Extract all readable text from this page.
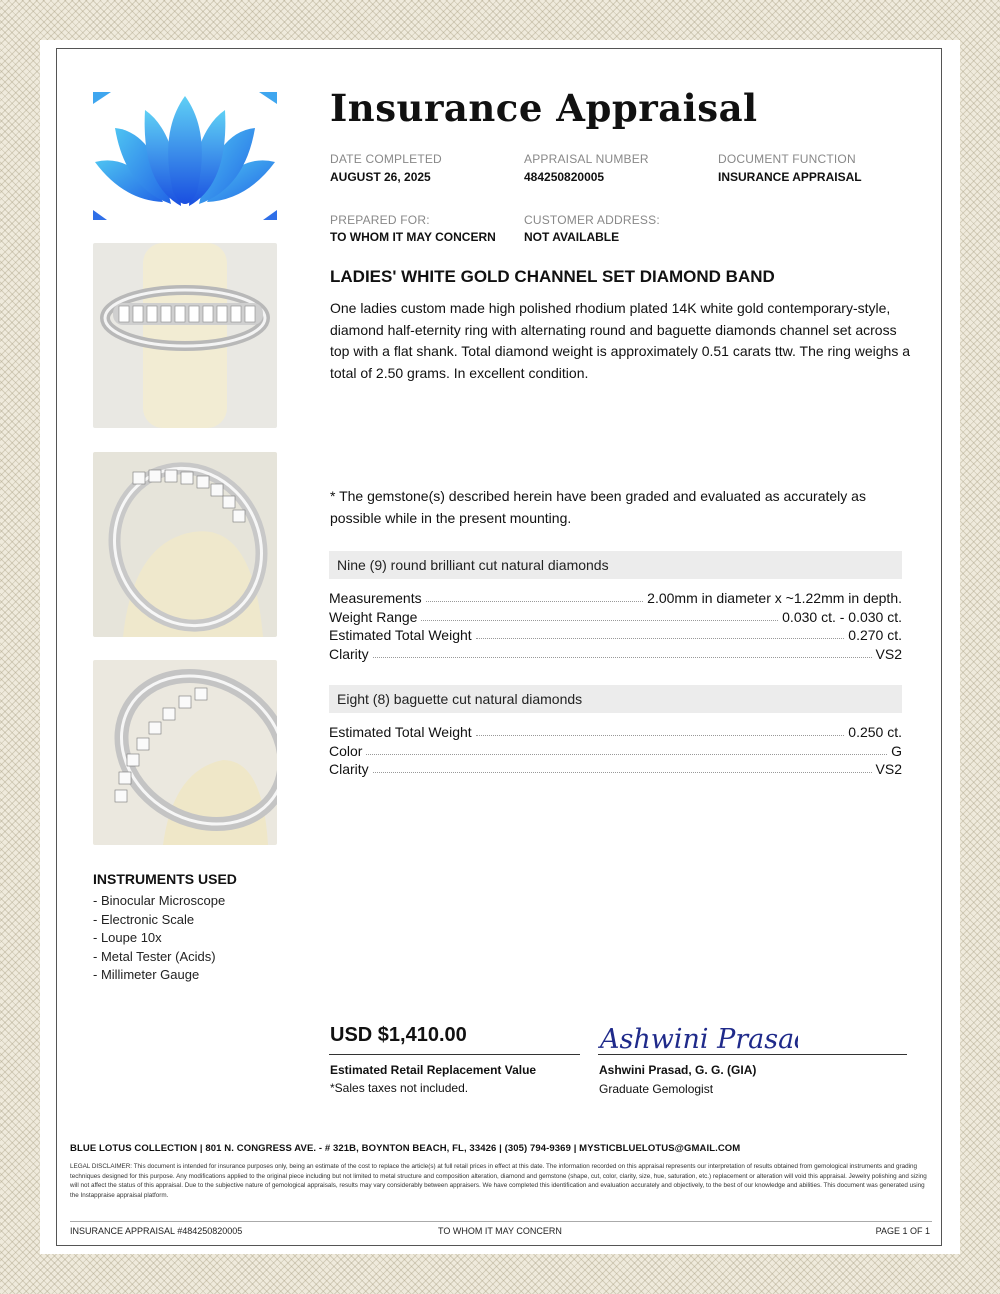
Insurance Appraisal
DATE COMPLETED
AUGUST 26, 2025
APPRAISAL NUMBER
484250820005
DOCUMENT FUNCTION
INSURANCE APPRAISAL
PREPARED FOR:
TO WHOM IT MAY CONCERN
CUSTOMER ADDRESS:
NOT AVAILABLE
LADIES' WHITE GOLD CHANNEL SET DIAMOND BAND
One ladies custom made high polished rhodium plated 14K white gold contemporary-style, diamond half-eternity ring with alternating round and baguette diamonds channel set across top with a flat shank. Total diamond weight is approximately 0.51 carats ttw. The ring weighs a total of 2.50 grams. In excellent condition.
* The gemstone(s) described herein have been graded and evaluated as accurately as possible while in the present mounting.
Nine (9) round brilliant cut natural diamonds
Measurements	2.00mm in diameter x ~1.22mm in depth.
Weight Range	0.030 ct. - 0.030 ct.
Estimated Total Weight	0.270 ct.
Clarity	VS2
Eight (8) baguette cut natural diamonds
Estimated Total Weight	0.250 ct.
Color	G
Clarity	VS2
INSTRUMENTS USED
- Binocular Microscope
- Electronic Scale
- Loupe 10x
- Metal Tester (Acids)
- Millimeter Gauge
USD $1,410.00
Estimated Retail Replacement Value
*Sales taxes not included.
Ashwini Prasad
Ashwini Prasad, G. G. (GIA)
Graduate Gemologist
BLUE LOTUS COLLECTION | 801 N. CONGRESS AVE. - # 321B, BOYNTON BEACH, FL, 33426 | (305) 794-9369 | MYSTICBLUELOTUS@GMAIL.COM
LEGAL DISCLAIMER: This document is intended for insurance purposes only, being an estimate of the cost to replace the article(s) at full retail prices in effect at this date. The information recorded on this appraisal represents our interpretation of results obtained from gemological instruments and grading techniques designed for this purpose. Any modifications applied to the original piece including but not limited to metal structure and composition alteration, diamond and gemstone (shape, cut, color, clarity, size, hue, saturation, etc.) replacement or alteration will void this appraisal. Jewelry polishing and sizing will not affect the status of this appraisal. Due to the subjective nature of gemological appraisals, results may vary considerably between appraisers. We have completed this identification and evaluation accurately and objectively, to the best of our knowledge and abilities. This document was generated using the Instappraise appraisal platform.
INSURANCE APPRAISAL #484250820005	TO WHOM IT MAY CONCERN	PAGE 1 OF 1
